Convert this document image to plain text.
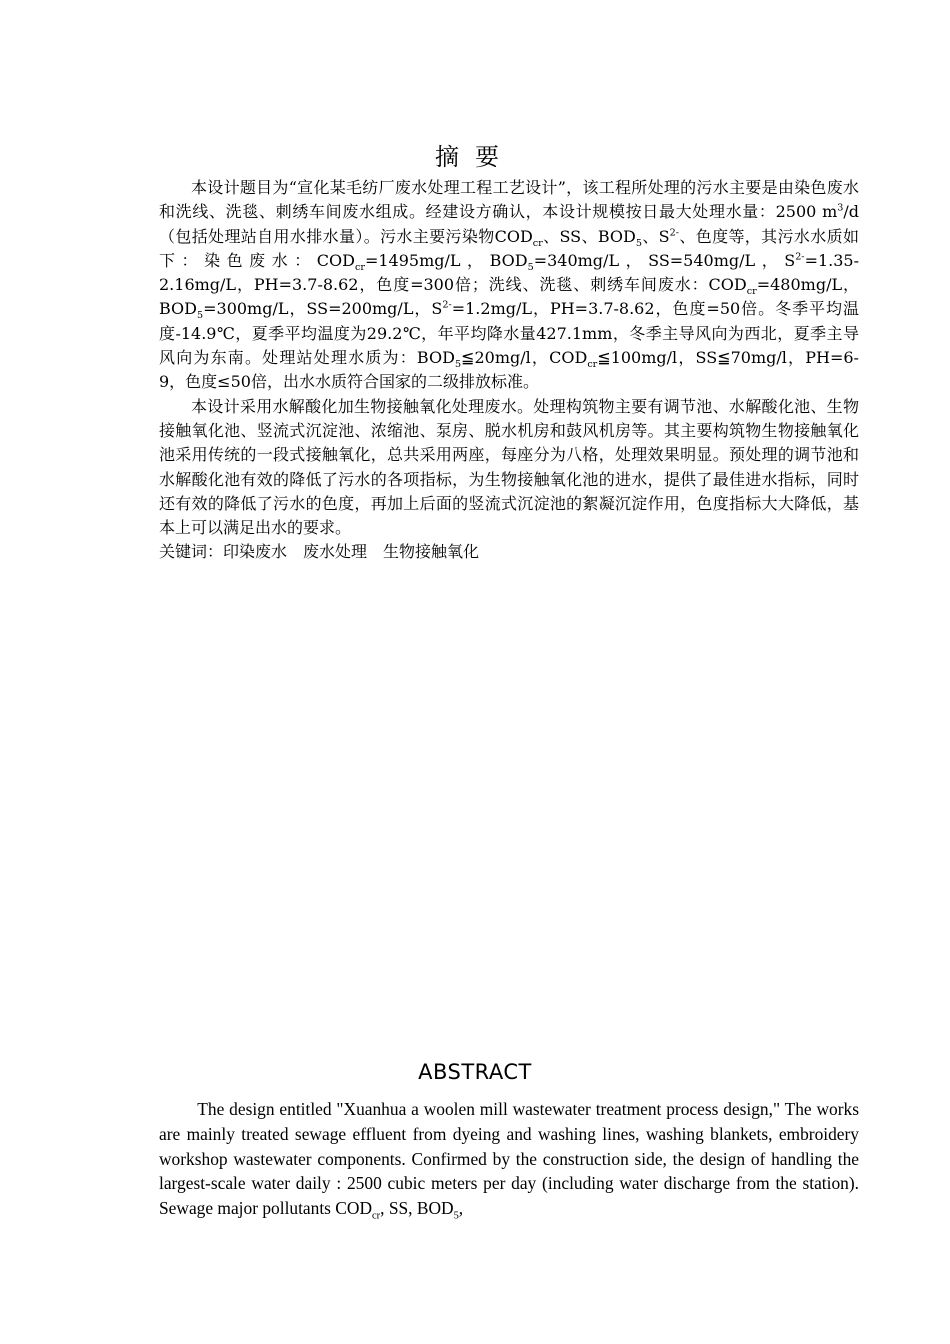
摘要

本设计题目为“宣化某毛纺厂废水处理工程工艺设计”，该工程所处理的污水主要是由染色废水和洗线、洗毯、刺绣车间废水组成。经建设方确认，本设计规模按日最大处理水量：2500 $m^3/d$（包括处理站自用水排水量）。污水主要污染物$COD_{cr}$、SS、$BOD_5$、$S^{2-}$、色度等，其污水水质如下：染色废水：$COD_{cr}=1495mg/L$，$BOD_5=340mg/L$，SS=540mg/L，$S^{2-}=1.35-2.16mg/L$，PH=3.7-8.62，色度=300倍；洗线、洗毯、刺绣车间废水：$COD_{cr}=480mg/L$，$BOD_5=300mg/L$，SS=200mg/L，$S^{2-}=1.2mg/L$，PH=3.7-8.62，色度=50倍。冬季平均温度-14.9℃，夏季平均温度为29.2℃，年平均降水量427.1mm，冬季主导风向为西北，夏季主导风向为东南。处理站处理水质为：$BOD_5≦20mg/l$，$COD_{cr}≦100mg/l$，SS≦70mg/l，PH=6-9，色度≤50倍，出水水质符合国家的二级排放标准。

本设计采用水解酸化加生物接触氧化处理废水。处理构筑物主要有调节池、水解酸化池、生物接触氧化池、竖流式沉淀池、浓缩池、泵房、脱水机房和鼓风机房等。其主要构筑物生物接触氧化池采用传统的一段式接触氧化，总共采用两座，每座分为八格，处理效果明显。预处理的调节池和水解酸化池有效的降低了污水的各项指标，为生物接触氧化池的进水，提供了最佳进水指标，同时还有效的降低了污水的色度，再加上后面的竖流式沉淀池的絮凝沉淀作用，色度指标大大降低，基本上可以满足出水的要求。

关键词：印染废水 废水处理 生物接触氧化

ABSTRACT

The design entitled "Xuanhua a woolen mill wastewater treatment process design," The works are mainly treated sewage effluent from dyeing and washing lines, washing blankets, embroidery workshop wastewater components. Confirmed by the construction side, the design of handling the largest-scale water daily : 2500 cubic meters per day (including water discharge from the station). Sewage major pollutants $COD_{cr}$, SS, $BOD_5$,
